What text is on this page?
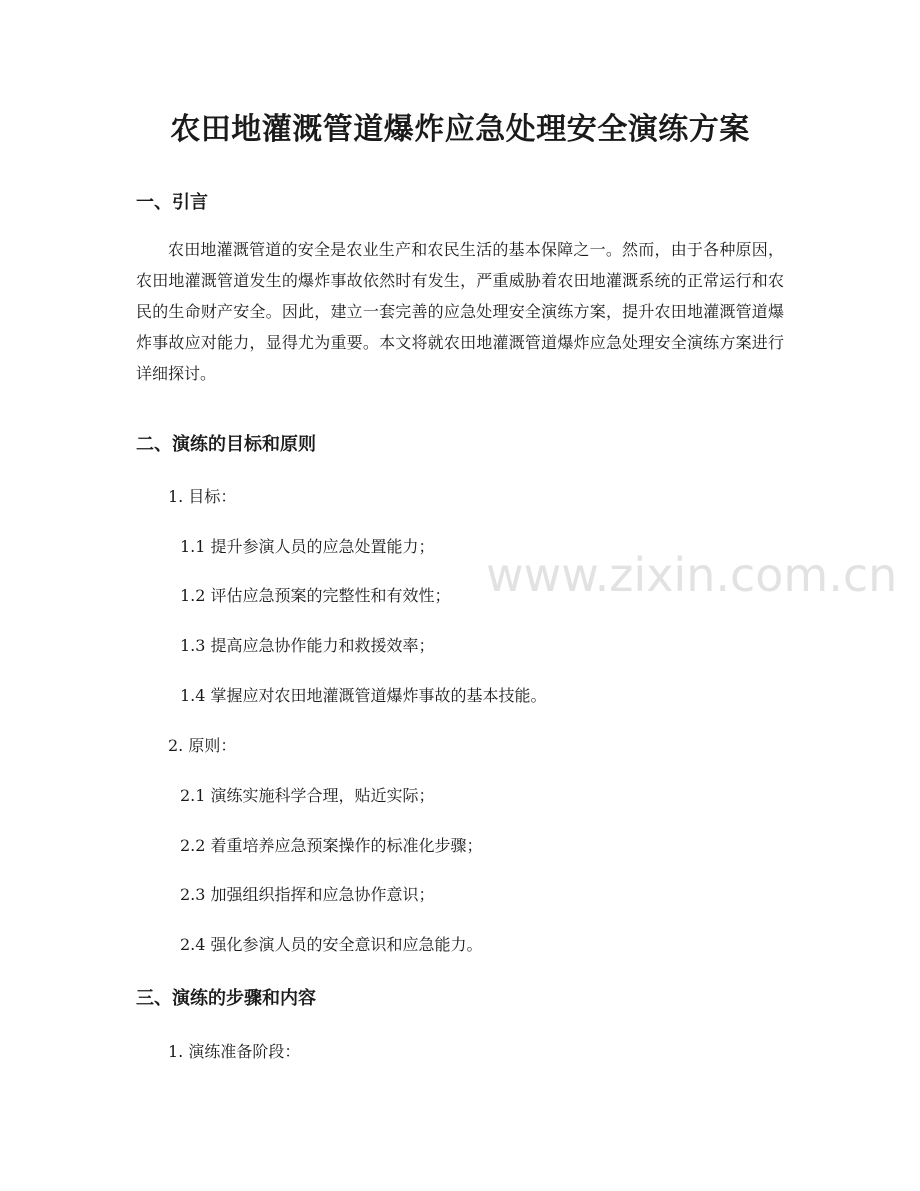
农田地灌溉管道爆炸应急处理安全演练方案
一、引言

农田地灌溉管道的安全是农业生产和农民生活的基本保障之一。然而，由于各种原因，农田地灌溉管道发生的爆炸事故依然时有发生，严重威胁着农田地灌溉系统的正常运行和农民的生命财产安全。因此，建立一套完善的应急处理安全演练方案，提升农田地灌溉管道爆炸事故应对能力，显得尤为重要。本文将就农田地灌溉管道爆炸应急处理安全演练方案进行详细探讨。

二、演练的目标和原则

1. 目标：

1.1 提升参演人员的应急处置能力；

1.2 评估应急预案的完整性和有效性；

1.3 提高应急协作能力和救援效率；

1.4 掌握应对农田地灌溉管道爆炸事故的基本技能。

2. 原则：

2.1 演练实施科学合理，贴近实际；

2.2 着重培养应急预案操作的标准化步骤；

2.3 加强组织指挥和应急协作意识；

2.4 强化参演人员的安全意识和应急能力。

三、演练的步骤和内容

1. 演练准备阶段：

www.zixin.com.cn
